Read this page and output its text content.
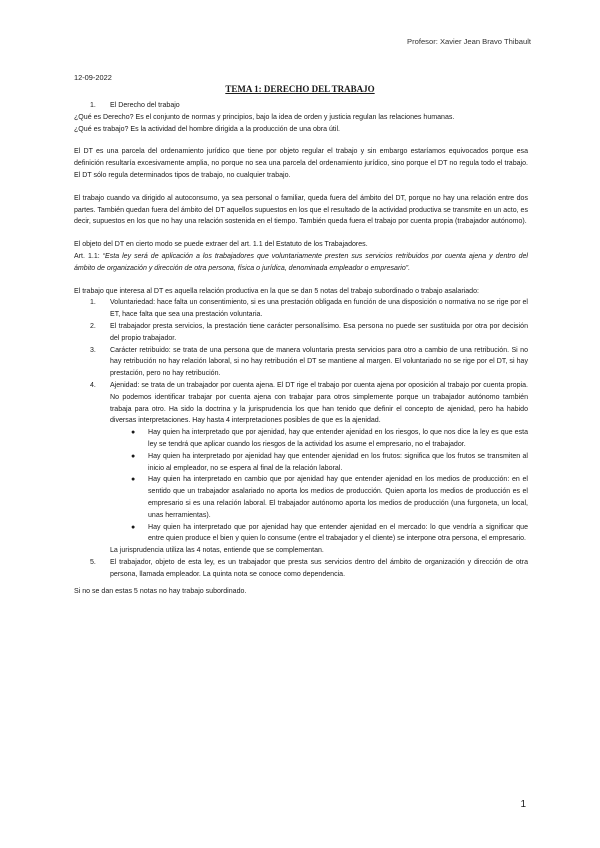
Profesor: Xavier Jean Bravo Thibault
12-09-2022
TEMA 1: DERECHO DEL TRABAJO
1. El Derecho del trabajo

¿Qué es Derecho? Es el conjunto de normas y principios, bajo la idea de orden y justicia regulan las relaciones humanas.

¿Qué es trabajo? Es la actividad del hombre dirigida a la producción de una obra útil.

El DT es una parcela del ordenamiento jurídico que tiene por objeto regular el trabajo y sin embargo estaríamos equivocados porque esa definición resultaría excesivamente amplia, no porque no sea una parcela del ordenamiento jurídico, sino porque el DT no regula todo el trabajo. El DT sólo regula determinados tipos de trabajo, no cualquier trabajo.

El trabajo cuando va dirigido al autoconsumo, ya sea personal o familiar, queda fuera del ámbito del DT, porque no hay una relación entre dos partes. También quedan fuera del ámbito del DT aquellos supuestos en los que el resultado de la actividad productiva se transmite en un acto, es decir, supuestos en los que no hay una relación sostenida en el tiempo. También queda fuera el trabajo por cuenta propia (trabajador autónomo).

El objeto del DT en cierto modo se puede extraer del art. 1.1 del Estatuto de los Trabajadores.

Art. 1.1: “Esta ley será de aplicación a los trabajadores que voluntariamente presten sus servicios retribuidos por cuenta ajena y dentro del ámbito de organización y dirección de otra persona, física o jurídica, denominada empleador o empresario”.

El trabajo que interesa al DT es aquella relación productiva en la que se dan 5 notas del trabajo subordinado o trabajo asalariado:

1. Voluntariedad: hace falta un consentimiento, si es una prestación obligada en función de una disposición o normativa no se rige por el ET, hace falta que sea una prestación voluntaria.
2. El trabajador presta servicios, la prestación tiene carácter personalísimo. Esa persona no puede ser sustituida por otra por decisión del propio trabajador.
3. Carácter retribuido: se trata de una persona que de manera voluntaria presta servicios para otro a cambio de una retribución. Si no hay retribución no hay relación laboral, si no hay retribución el DT se mantiene al margen. El voluntariado no se rige por el DT, si hay prestación, pero no hay retribución.
4. Ajenidad: se trata de un trabajador por cuenta ajena. El DT rige el trabajo por cuenta ajena por oposición al trabajo por cuenta propia. No podemos identificar trabajar por cuenta ajena con trabajar para otros simplemente porque un trabajador autónomo también trabaja para otro. Ha sido la doctrina y la jurisprudencia los que han tenido que definir el concepto de ajenidad, pero ha habido diversas interpretaciones. Hay hasta 4 interpretaciones posibles de que es la ajenidad.
● Hay quien ha interpretado que por ajenidad, hay que entender ajenidad en los riesgos, lo que nos dice la ley es que esta ley se tendrá que aplicar cuando los riesgos de la actividad los asume el empresario, no el trabajador.
● Hay quien ha interpretado por ajenidad hay que entender ajenidad en los frutos: significa que los frutos se transmiten al inicio al empleador, no se espera al final de la relación laboral.
● Hay quien ha interpretado en cambio que por ajenidad hay que entender ajenidad en los medios de producción: en el sentido que un trabajador asalariado no aporta los medios de producción. Quien aporta los medios de producción es el empresario si es una relación laboral. El trabajador autónomo aporta los medios de producción (una furgoneta, un local, unas herramientas).
● Hay quien ha interpretado que por ajenidad hay que entender ajenidad en el mercado: lo que vendría a significar que entre quien produce el bien y quien lo consume (entre el trabajador y el cliente) se interpone otra persona, el empresario.

La jurisprudencia utiliza las 4 notas, entiende que se complementan.

5. El trabajador, objeto de esta ley, es un trabajador que presta sus servicios dentro del ámbito de organización y dirección de otra persona, llamada empleador. La quinta nota se conoce como dependencia.

Si no se dan estas 5 notas no hay trabajo subordinado.

1
